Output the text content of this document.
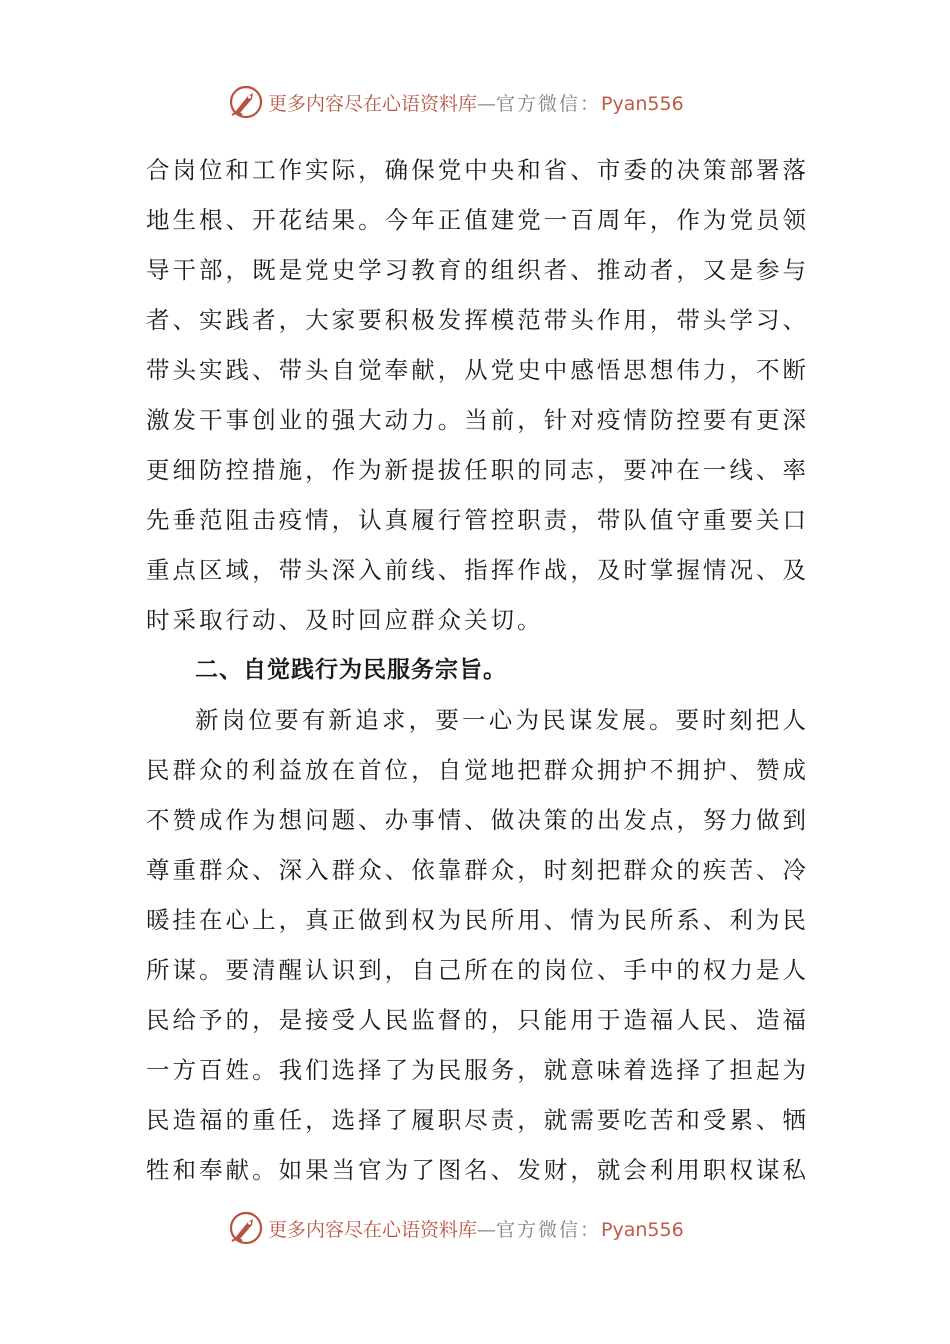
更多内容尽在心语资料库—官方微信：Pyan556
合岗位和工作实际，确保党中央和省、市委的决策部署落
地生根、开花结果。今年正值建党一百周年，作为党员领
导干部，既是党史学习教育的组织者、推动者，又是参与
者、实践者，大家要积极发挥模范带头作用，带头学习、
带头实践、带头自觉奉献，从党史中感悟思想伟力，不断
激发干事创业的强大动力。当前，针对疫情防控要有更深
更细防控措施，作为新提拔任职的同志，要冲在一线、率
先垂范阻击疫情，认真履行管控职责，带队值守重要关口
重点区域，带头深入前线、指挥作战，及时掌握情况、及
时采取行动、及时回应群众关切。
二、自觉践行为民服务宗旨。
新岗位要有新追求，要一心为民谋发展。要时刻把人
民群众的利益放在首位，自觉地把群众拥护不拥护、赞成
不赞成作为想问题、办事情、做决策的出发点，努力做到
尊重群众、深入群众、依靠群众，时刻把群众的疾苦、冷
暖挂在心上，真正做到权为民所用、情为民所系、利为民
所谋。要清醒认识到，自己所在的岗位、手中的权力是人
民给予的，是接受人民监督的，只能用于造福人民、造福
一方百姓。我们选择了为民服务，就意味着选择了担起为
民造福的重任，选择了履职尽责，就需要吃苦和受累、牺
牲和奉献。如果当官为了图名、发财，就会利用职权谋私
更多内容尽在心语资料库—官方微信：Pyan556
